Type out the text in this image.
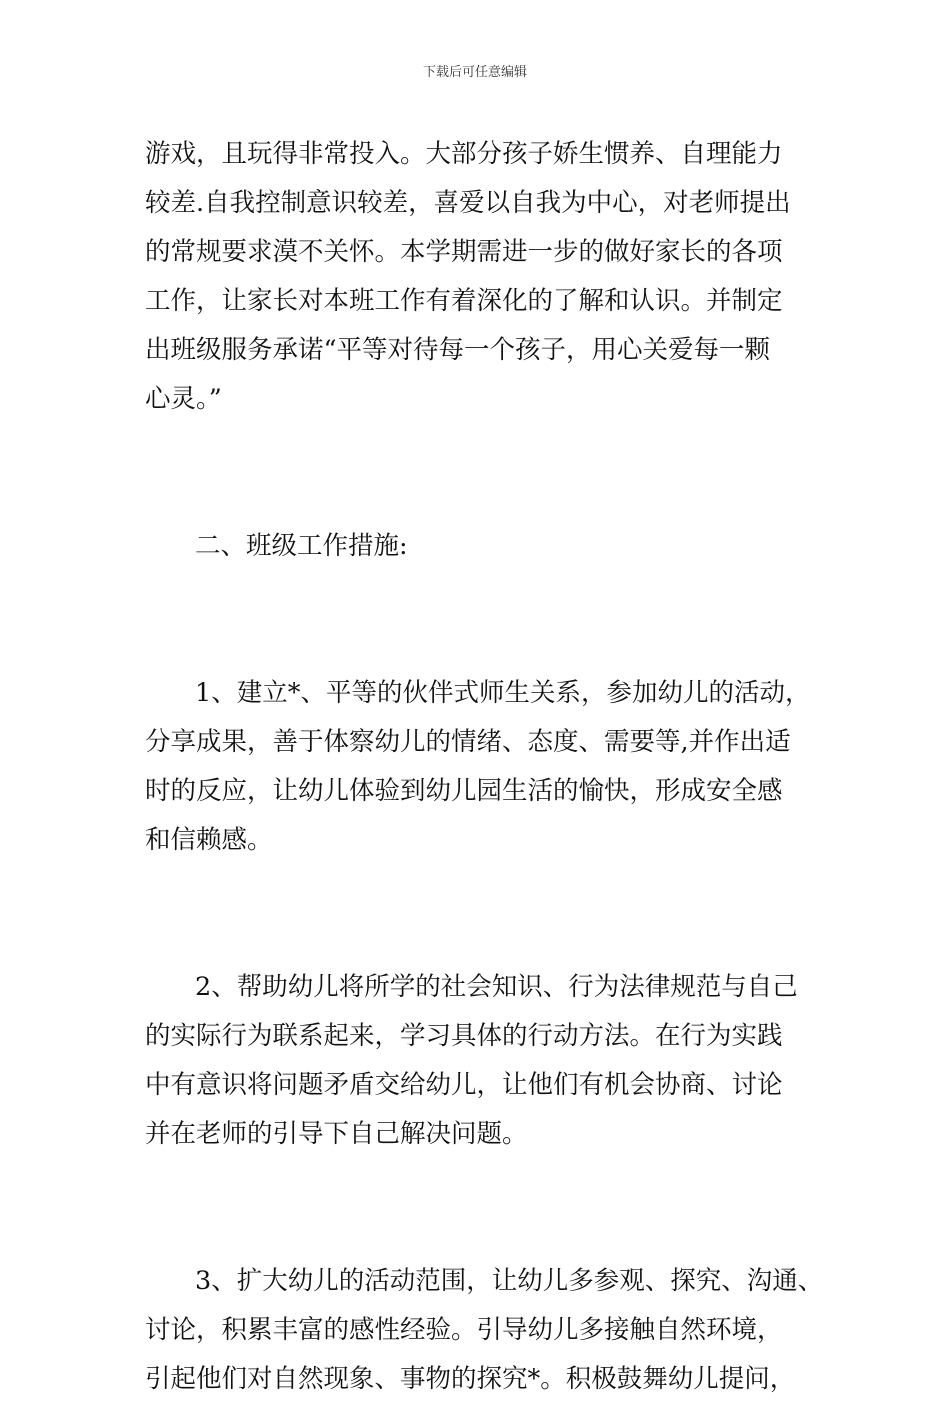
下载后可任意编辑

游戏，且玩得非常投入。大部分孩子娇生惯养、自理能力
较差.自我控制意识较差，喜爱以自我为中心，对老师提出
的常规要求漠不关怀。本学期需进一步的做好家长的各项
工作，让家长对本班工作有着深化的了解和认识。并制定
出班级服务承诺“平等对待每一个孩子，用心关爱每一颗
心灵。”

二、班级工作措施:

1、建立*、平等的伙伴式师生关系，参加幼儿的活动，
分享成果，善于体察幼儿的情绪、态度、需要等,并作出适
时的反应，让幼儿体验到幼儿园生活的愉快，形成安全感
和信赖感。

2、帮助幼儿将所学的社会知识、行为法律规范与自己
的实际行为联系起来，学习具体的行动方法。在行为实践
中有意识将问题矛盾交给幼儿，让他们有机会协商、讨论
并在老师的引导下自己解决问题。

3、扩大幼儿的活动范围，让幼儿多参观、探究、沟通、
讨论，积累丰富的感性经验。引导幼儿多接触自然环境，
引起他们对自然现象、事物的探究*。积极鼓舞幼儿提问，
